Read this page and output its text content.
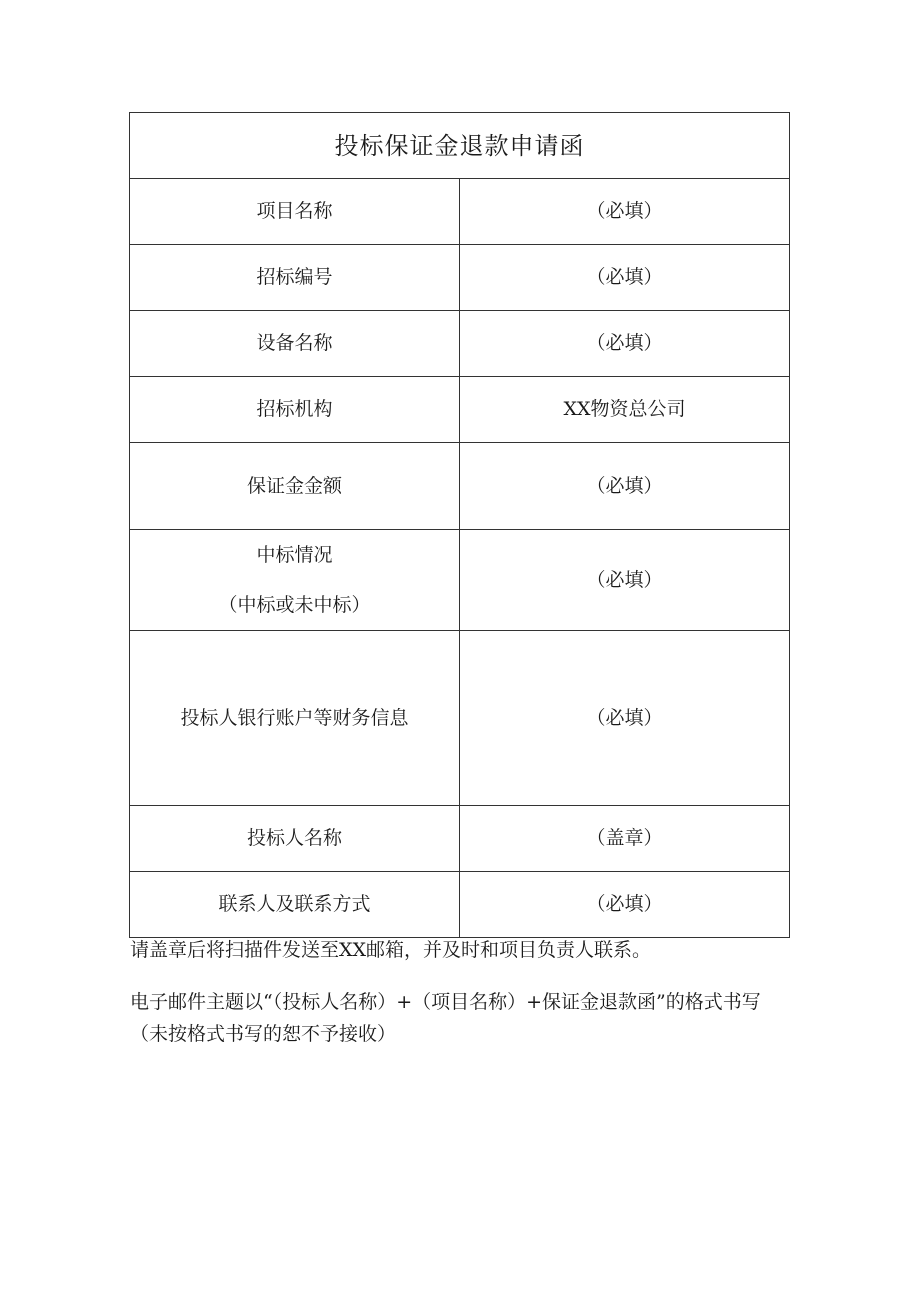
投标保证金退款申请函	
项目名称	（必填）
招标编号	（必填）
设备名称	（必填）
招标机构	XX物资总公司
保证金金额	（必填）

中标情况
（中标或未中标）	（必填）
投标人银行账户等财务信息	（必填）
投标人名称	（盖章）
联系人及联系方式	（必填）

请盖章后将扫描件发送至XX邮箱，并及时和项目负责人联系。

电子邮件主题以“（投标人名称）+（项目名称）+保证金退款函”的格式书写（未按格式书写的恕不予接收）
